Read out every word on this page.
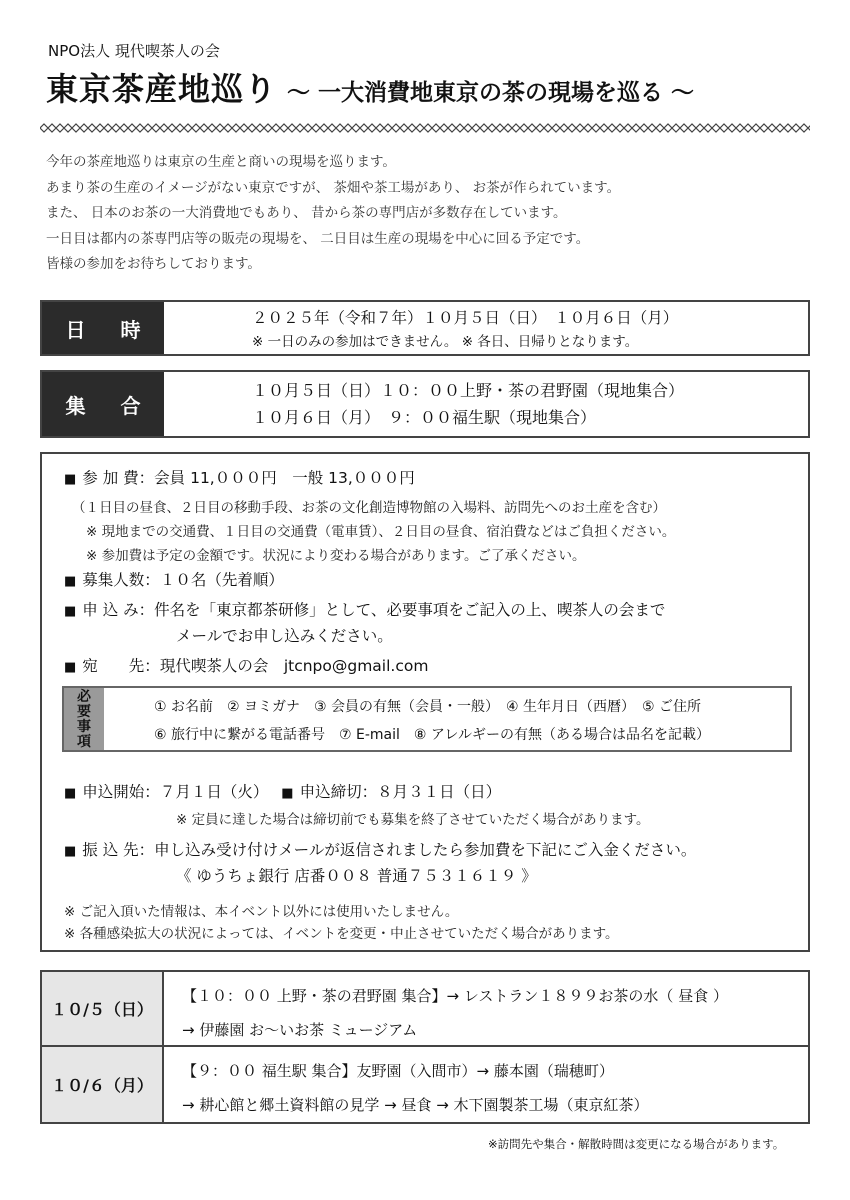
NPO法人 現代喫茶人の会
東京茶産地巡り ～ 一大消費地東京の茶の現場を巡る ～

今年の茶産地巡りは東京の生産と商いの現場を巡ります。

あまり茶の生産のイメージがない東京ですが、 茶畑や茶工場があり、 お茶が作られています。

また、 日本のお茶の一大消費地でもあり、 昔から茶の専門店が多数存在しています。

一日目は都内の茶専門店等の販売の現場を、 二日目は生産の現場を中心に回る予定です。

皆様の参加をお待ちしております。

日 時	２０２５年（令和７年）１０月５日（日）　１０月６日（月）
※ 一日のみの参加はできません。 ※ 各日、日帰りとなります。
集 合
１０月５日（日）１０：００上野・茶の君野園（現地集合）
１０月６日（月）　９：００福生駅（現地集合）
■ 参 加 費：会員 11,０００円　一般 13,０００円
（１日目の昼食、２日目の移動手段、お茶の文化創造博物館の入場料、訪問先へのお土産を含む）
※ 現地までの交通費、１日目の交通費（電車賃）、２日目の昼食、宿泊費などはご負担ください。
※ 参加費は予定の金額です。状況により変わる場合があります。ご了承ください。
■ 募集人数：１０名（先着順）
■ 申 込 み：件名を「東京都茶研修」として、必要事項をご記入の上、喫茶人の会まで
メールでお申し込みください。
■ 宛　　先：現代喫茶人の会　jtcnpo@gmail.com
必
要
事
項
① お名前　② ヨミガナ　③ 会員の有無（会員・一般）　④ 生年月日（西暦）　⑤ ご住所
⑥ 旅行中に繋がる電話番号　⑦ E-mail　⑧ アレルギーの有無（ある場合は品名を記載）
■ 申込開始：７月１日（火） ■ 申込締切：８月３１日（日）
※ 定員に達した場合は締切前でも募集を終了させていただく場合があります。
■ 振 込 先：申し込み受け付けメールが返信されましたら参加費を下記にご入金ください。
《 ゆうちょ銀行 店番００８ 普通７５３１６１９ 》
※ ご記入頂いた情報は、本イベント以外には使用いたしません。
※ 各種感染拡大の状況によっては、イベントを変更・中止させていただく場合があります。
１０/５（日）
【１０：００ 上野・茶の君野園 集合】→ レストラン１８９９お茶の水（ 昼食 ）
→ 伊藤園 お～いお茶 ミュージアム
１０/６（月）
【９：００ 福生駅 集合】友野園（入間市）→ 藤本園（瑞穂町）
→ 耕心館と郷土資料館の見学 → 昼食 → 木下園製茶工場（東京紅茶）
※訪問先や集合・解散時間は変更になる場合があります。
